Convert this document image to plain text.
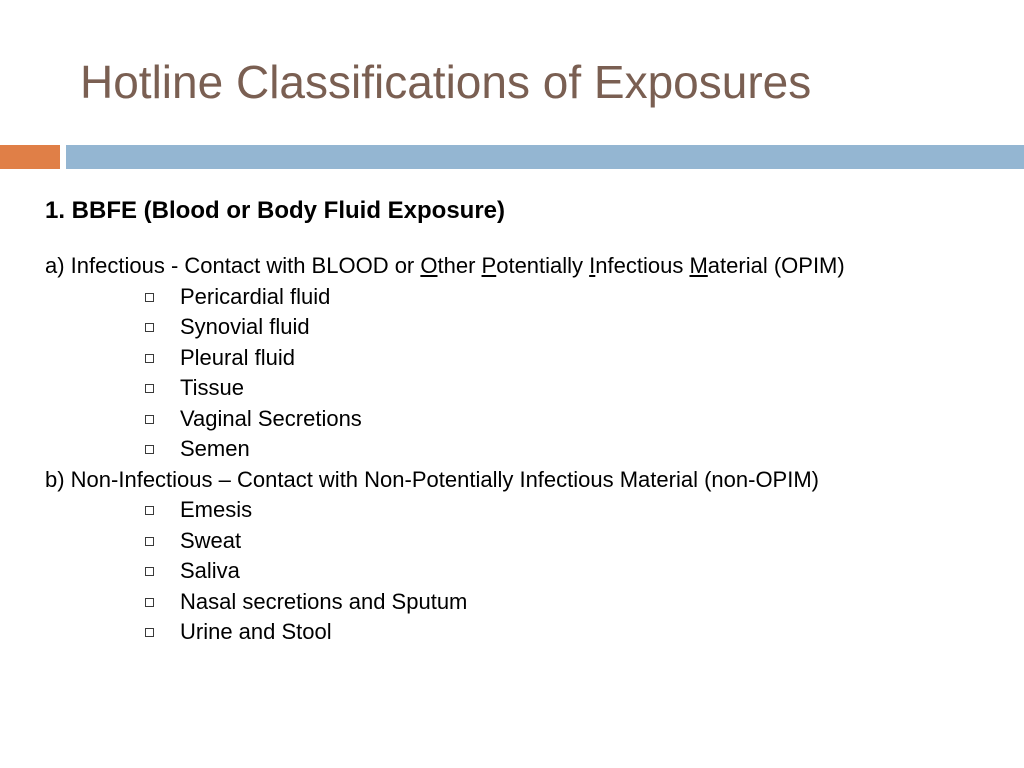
Hotline Classifications of Exposures
1. BBFE (Blood or Body Fluid Exposure)
a) Infectious - Contact with BLOOD or Other Potentially Infectious Material (OPIM)
Pericardial fluid
Synovial fluid
Pleural fluid
Tissue
Vaginal Secretions
Semen
b) Non-Infectious – Contact with Non-Potentially Infectious Material (non-OPIM)
Emesis
Sweat
Saliva
Nasal secretions and Sputum
Urine and Stool
